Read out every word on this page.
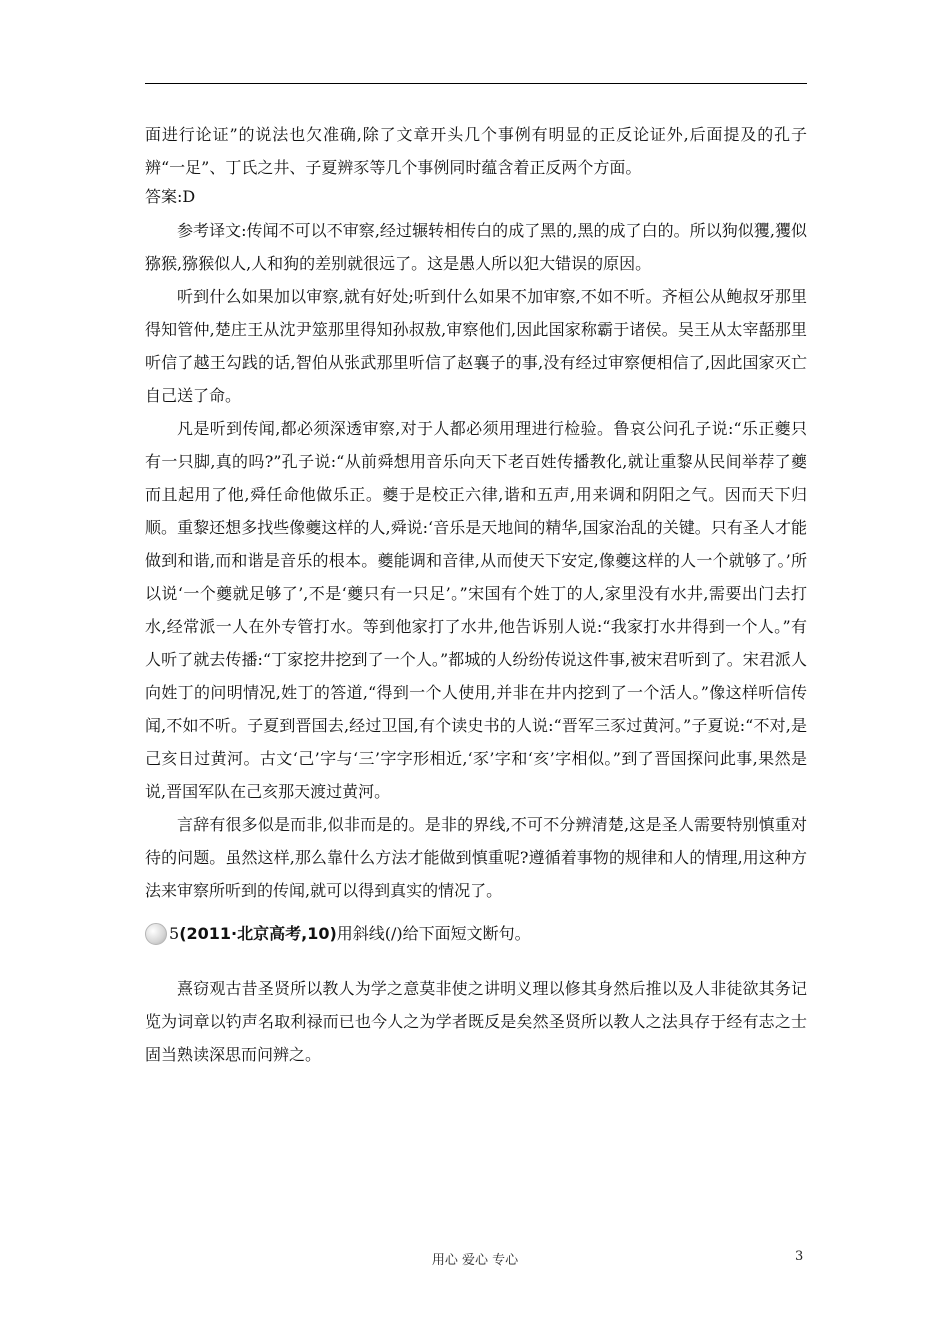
面进行论证”的说法也欠准确,除了文章开头几个事例有明显的正反论证外,后面提及的孔子辨“一足”、丁氏之井、子夏辨豕等几个事例同时蕴含着正反两个方面。

答案:D

参考译文:传闻不可以不审察,经过辗转相传白的成了黑的,黑的成了白的。所以狗似玃,玃似猕猴,猕猴似人,人和狗的差别就很远了。这是愚人所以犯大错误的原因。

听到什么如果加以审察,就有好处;听到什么如果不加审察,不如不听。齐桓公从鲍叔牙那里得知管仲,楚庄王从沈尹筮那里得知孙叔敖,审察他们,因此国家称霸于诸侯。吴王从太宰嚭那里听信了越王勾践的话,智伯从张武那里听信了赵襄子的事,没有经过审察便相信了,因此国家灭亡自己送了命。

凡是听到传闻,都必须深透审察,对于人都必须用理进行检验。鲁哀公问孔子说:“乐正夔只有一只脚,真的吗?”孔子说:“从前舜想用音乐向天下老百姓传播教化,就让重黎从民间举荐了夔而且起用了他,舜任命他做乐正。夔于是校正六律,谐和五声,用来调和阴阳之气。因而天下归顺。重黎还想多找些像夔这样的人,舜说:‘音乐是天地间的精华,国家治乱的关键。只有圣人才能做到和谐,而和谐是音乐的根本。夔能调和音律,从而使天下安定,像夔这样的人一个就够了。’所以说‘一个夔就足够了’,不是‘夔只有一只足’。”宋国有个姓丁的人,家里没有水井,需要出门去打水,经常派一人在外专管打水。等到他家打了水井,他告诉别人说:“我家打水井得到一个人。”有人听了就去传播:“丁家挖井挖到了一个人。”都城的人纷纷传说这件事,被宋君听到了。宋君派人向姓丁的问明情况,姓丁的答道,“得到一个人使用,并非在井内挖到了一个活人。”像这样听信传闻,不如不听。子夏到晋国去,经过卫国,有个读史书的人说:“晋军三豕过黄河。”子夏说:“不对,是己亥日过黄河。古文‘己’字与‘三’字字形相近,‘豕’字和‘亥’字相似。”到了晋国探问此事,果然是说,晋国军队在己亥那天渡过黄河。

言辞有很多似是而非,似非而是的。是非的界线,不可不分辨清楚,这是圣人需要特别慎重对待的问题。虽然这样,那么靠什么方法才能做到慎重呢?遵循着事物的规律和人的情理,用这种方法来审察所听到的传闻,就可以得到真实的情况了。

5 (2011·北京高考,10) 用斜线(/)给下面短文断句。

熹窃观古昔圣贤所以教人为学之意莫非使之讲明义理以修其身然后推以及人非徒欲其务记览为词章以钓声名取利禄而已也今人之为学者既反是矣然圣贤所以教人之法具存于经有志之士固当熟读深思而问辨之。

用心 爱心 专心	3
